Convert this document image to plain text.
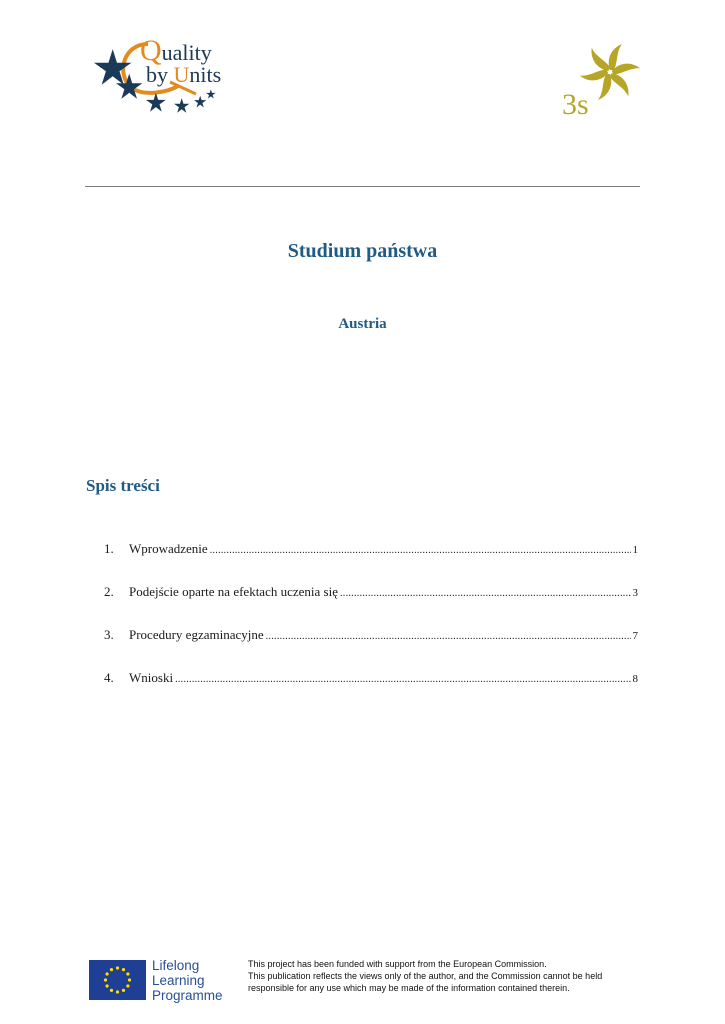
Quality
by Units
3s
Studium państwa
Austria
Spis treści
1.	Wprowadzenie .....	1
2.	Podejście oparte na efektach uczenia się .....	3
3.	Procedury egzaminacyjne .....	7
4.	Wnioski .....	8
Lifelong
Learning
Programme
This project has been funded with support from the European Commission.
This publication reflects the views only of the author, and the Commission cannot be held
responsible for any use which may be made of the information contained therein.
